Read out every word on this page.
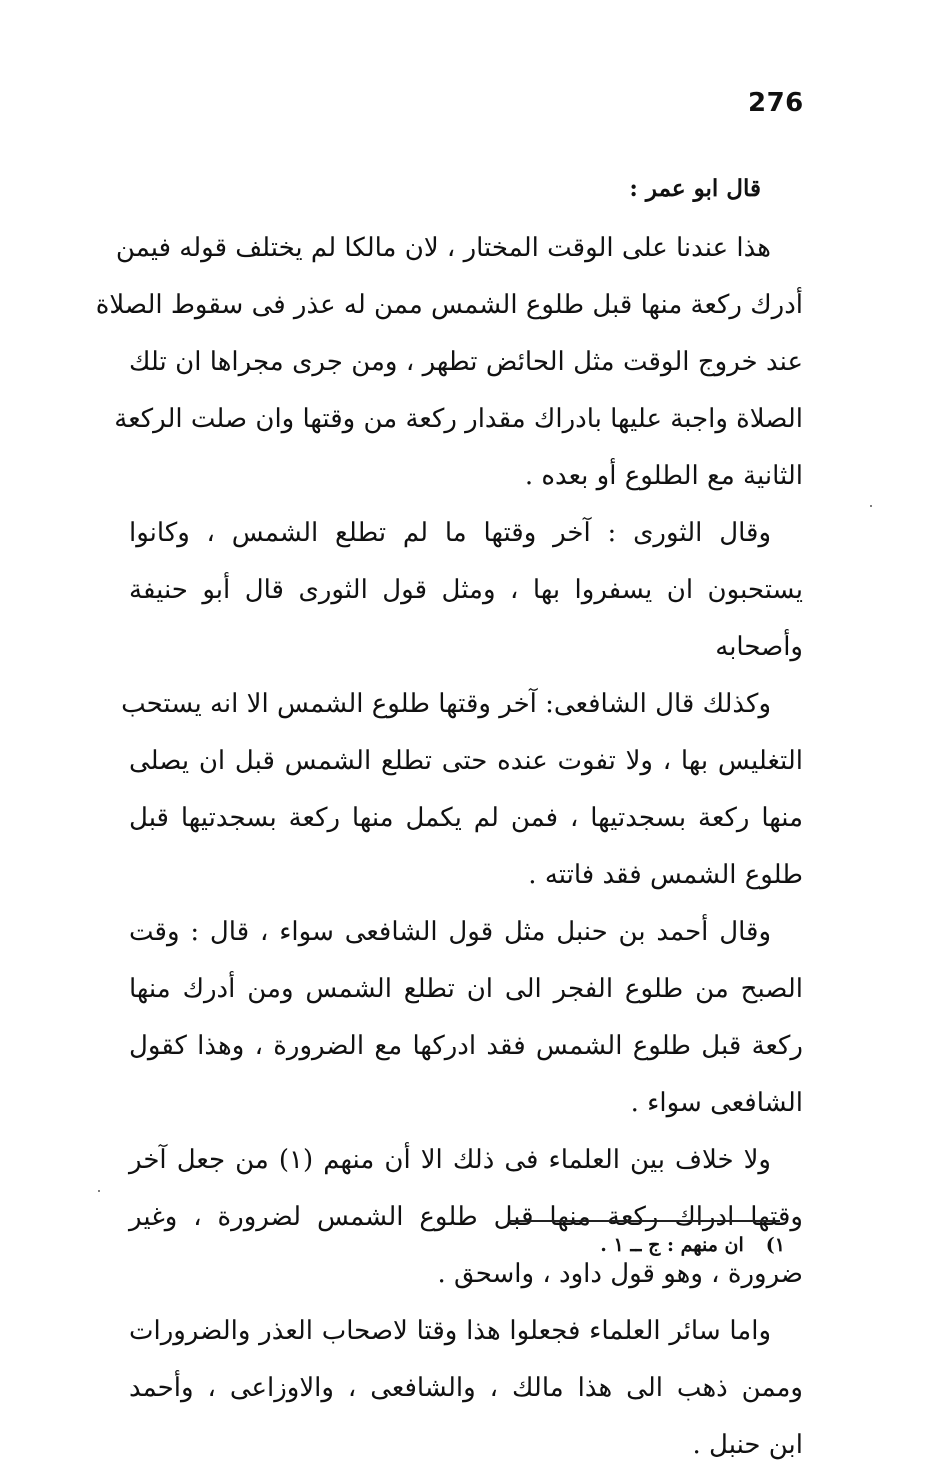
276
قال ابو عمر :
هذا عندنا على الوقت المختار ، لان مالكا لم يختلف قوله فيمن
أدرك ركعة منها قبل طلوع الشمس ممن له عذر فى سقوط الصلاة
عند خروج الوقت مثل الحائض تطهر ، ومن جرى مجراها ان تلك
الصلاة واجبة عليها بادراك مقدار ركعة من وقتها وان صلت الركعة
الثانية مع الطلوع أو بعده .
وقال الثورى : آخر وقتها ما لم تطلع الشمس ، وكانوا
يستحبون ان يسفروا بها ، ومثل قول الثورى قال أبو حنيفة
وأصحابه
وكذلك قال الشافعى: آخر وقتها طلوع الشمس الا انه يستحب
التغليس بها ، ولا تفوت عنده حتى تطلع الشمس قبل ان يصلى
منها ركعة بسجدتيها ، فمن لم يكمل منها ركعة بسجدتيها قبل
طلوع الشمس فقد فاتته .
وقال أحمد بن حنبل مثل قول الشافعى سواء ، قال : وقت
الصبح من طلوع الفجر الى ان تطلع الشمس ومن أدرك منها
ركعة قبل طلوع الشمس فقد ادركها مع الضرورة ، وهذا كقول
الشافعى سواء .
ولا خلاف بين العلماء فى ذلك الا أن منهم (١) من جعل آخر
وقتها ادراك ركعة منها قبل طلوع الشمس لضرورة ، وغير
ضرورة ، وهو قول داود ، واسحق .
واما سائر العلماء فجعلوا هذا وقتا لاصحاب العذر والضرورات
وممن ذهب الى هذا مالك ، والشافعى ، والاوزاعى ، وأحمد
ابن حنبل .
١)ان منهم : ج ــ ١ .
